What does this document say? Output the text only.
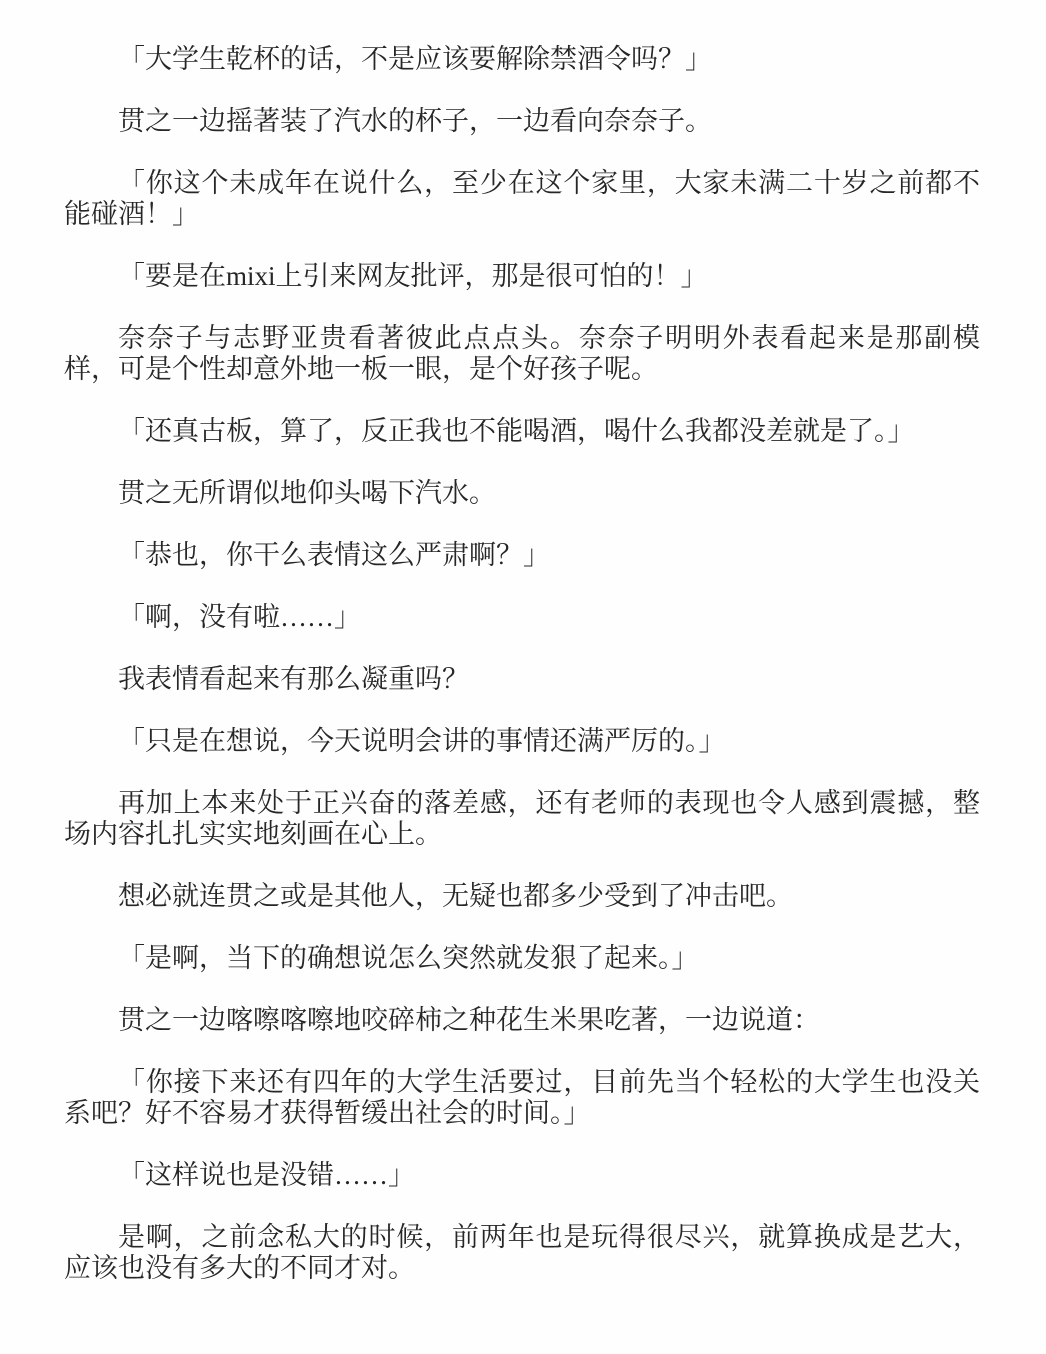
「大学生乾杯的话，不是应该要解除禁酒令吗？」

贯之一边摇著装了汽水的杯子，一边看向奈奈子。

「你这个未成年在说什么，至少在这个家里，大家未满二十岁之前都不能碰酒！」

「要是在mixi上引来网友批评，那是很可怕的！」

奈奈子与志野亚贵看著彼此点点头。奈奈子明明外表看起来是那副模样，可是个性却意外地一板一眼，是个好孩子呢。

「还真古板，算了，反正我也不能喝酒，喝什么我都没差就是了。」

贯之无所谓似地仰头喝下汽水。

「恭也，你干么表情这么严肃啊？」

「啊，没有啦……」

我表情看起来有那么凝重吗？

「只是在想说，今天说明会讲的事情还满严厉的。」

再加上本来处于正兴奋的落差感，还有老师的表现也令人感到震撼，整场内容扎扎实实地刻画在心上。

想必就连贯之或是其他人，无疑也都多少受到了冲击吧。

「是啊，当下的确想说怎么突然就发狠了起来。」

贯之一边喀嚓喀嚓地咬碎柿之种花生米果吃著，一边说道：

「你接下来还有四年的大学生活要过，目前先当个轻松的大学生也没关系吧？好不容易才获得暂缓出社会的时间。」

「这样说也是没错……」

是啊，之前念私大的时候，前两年也是玩得很尽兴，就算换成是艺大，应该也没有多大的不同才对。
